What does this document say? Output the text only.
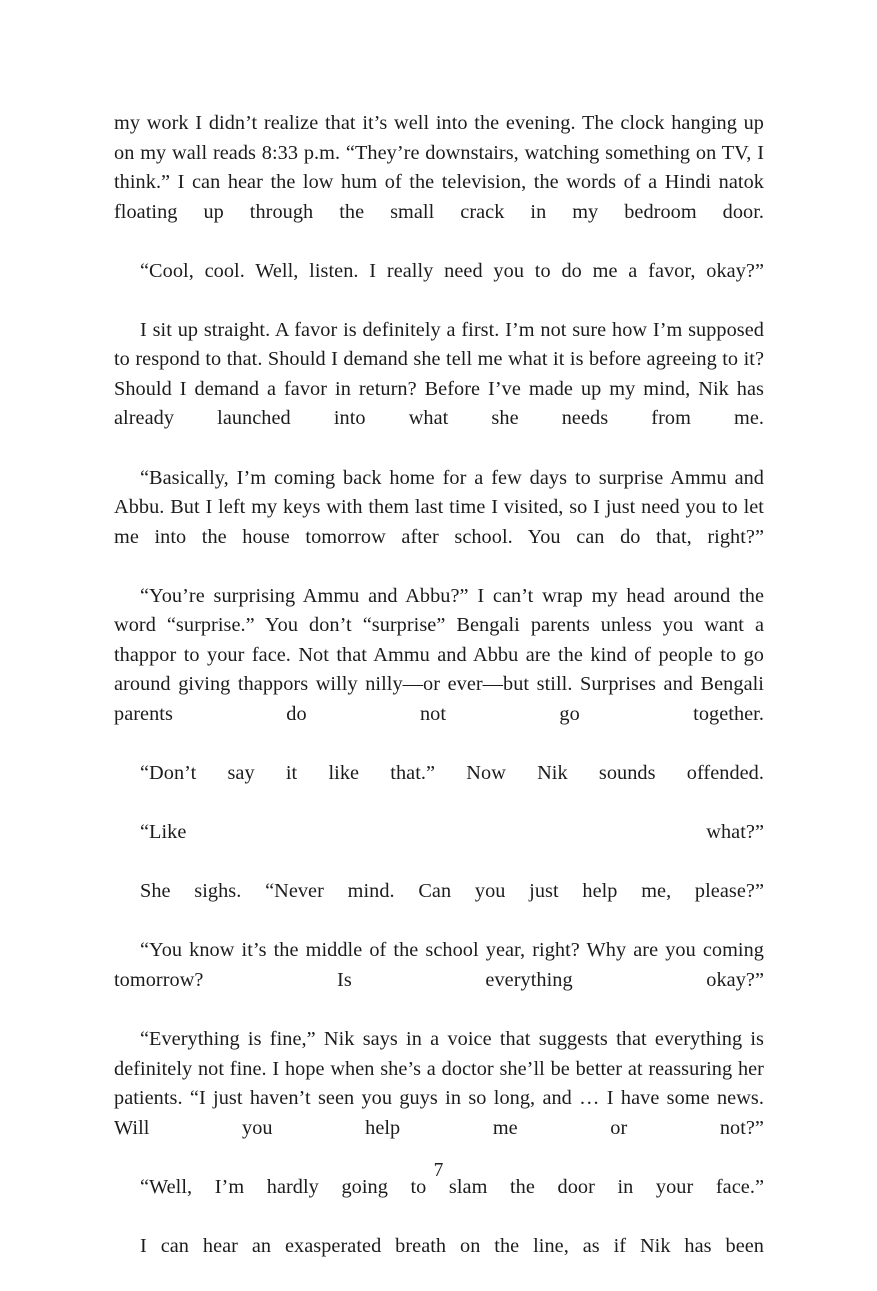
my work I didn’t realize that it’s well into the evening. The clock hanging up on my wall reads 8:33 p.m. “They’re downstairs, watching something on TV, I think.” I can hear the low hum of the television, the words of a Hindi natok floating up through the small crack in my bedroom door.

“Cool, cool. Well, listen. I really need you to do me a favor, okay?”

I sit up straight. A favor is definitely a first. I’m not sure how I’m supposed to respond to that. Should I demand she tell me what it is before agreeing to it? Should I demand a favor in return? Before I’ve made up my mind, Nik has already launched into what she needs from me.

“Basically, I’m coming back home for a few days to surprise Ammu and Abbu. But I left my keys with them last time I visited, so I just need you to let me into the house tomorrow after school. You can do that, right?”

“You’re surprising Ammu and Abbu?” I can’t wrap my head around the word “surprise.” You don’t “surprise” Bengali parents unless you want a thappor to your face. Not that Ammu and Abbu are the kind of people to go around giving thappors willy nilly—or ever—but still. Surprises and Bengali parents do not go together.

“Don’t say it like that.” Now Nik sounds offended.

“Like what?”

She sighs. “Never mind. Can you just help me, please?”

“You know it’s the middle of the school year, right? Why are you coming tomorrow? Is everything okay?”

“Everything is fine,” Nik says in a voice that suggests that everything is definitely not fine. I hope when she’s a doctor she’ll be better at reassuring her patients. “I just haven’t seen you guys in so long, and … I have some news. Will you help me or not?”

“Well, I’m hardly going to slam the door in your face.”

I can hear an exasperated breath on the line, as if Nik has been

7
